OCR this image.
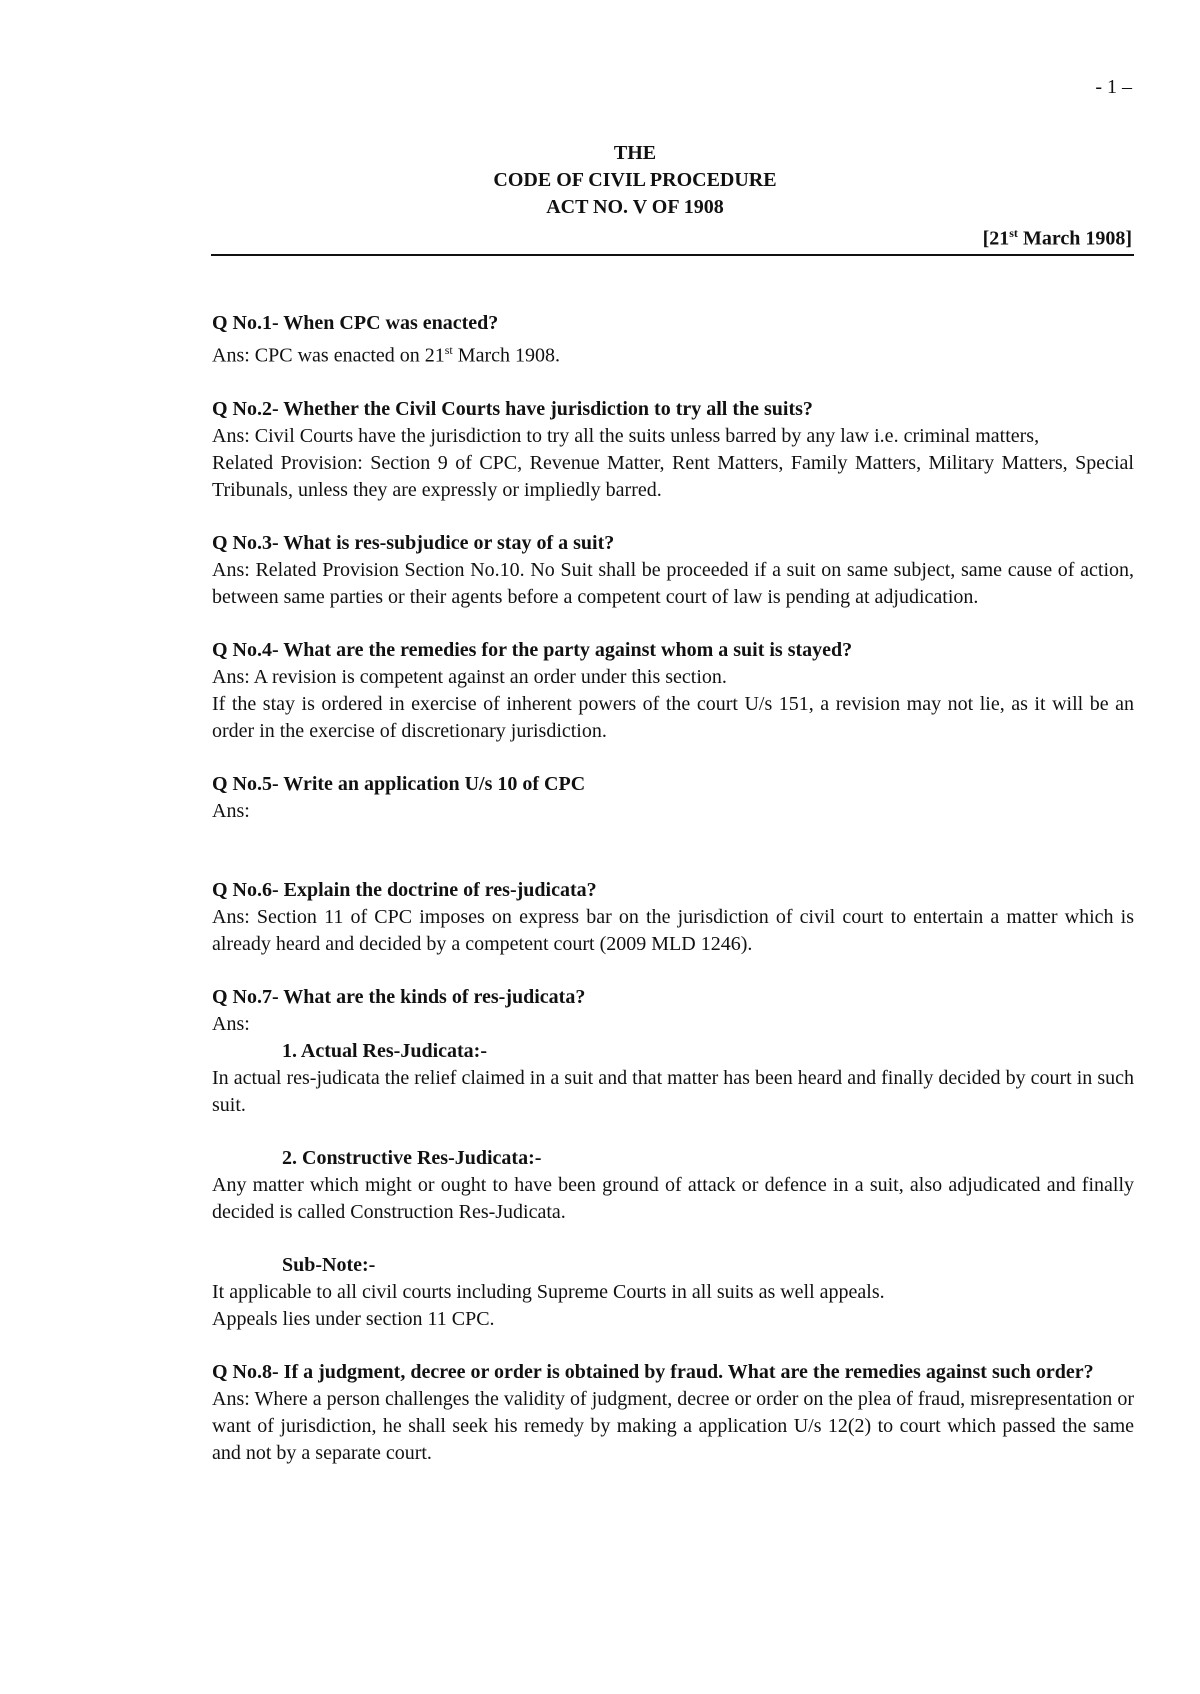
- 1 –
THE
CODE OF CIVIL PROCEDURE
ACT NO. V OF 1908
[21st March 1908]

Q No.1- When CPC was enacted?

Ans: CPC was enacted on 21st March 1908.

Q No.2- Whether the Civil Courts have jurisdiction to try all the suits?

Ans: Civil Courts have the jurisdiction to try all the suits unless barred by any law i.e. criminal matters,

Related Provision: Section 9 of CPC, Revenue Matter, Rent Matters, Family Matters, Military Matters, Special Tribunals, unless they are expressly or impliedly barred.

Q No.3- What is res-subjudice or stay of a suit?

Ans: Related Provision Section No.10. No Suit shall be proceeded if a suit on same subject, same cause of action, between same parties or their agents before a competent court of law is pending at adjudication.

Q No.4- What are the remedies for the party against whom a suit is stayed?

Ans: A revision is competent against an order under this section.

If the stay is ordered in exercise of inherent powers of the court U/s 151, a revision may not lie, as it will be an order in the exercise of discretionary jurisdiction.

Q No.5- Write an application U/s 10 of CPC

Ans:

Q No.6- Explain the doctrine of res-judicata?

Ans: Section 11 of CPC imposes on express bar on the jurisdiction of civil court to entertain a matter which is already heard and decided by a competent court (2009 MLD 1246).

Q No.7- What are the kinds of res-judicata?

Ans:

1. Actual Res-Judicata:-

In actual res-judicata the relief claimed in a suit and that matter has been heard and finally decided by court in such suit.

2. Constructive Res-Judicata:-

Any matter which might or ought to have been ground of attack or defence in a suit, also adjudicated and finally decided is called Construction Res-Judicata.

Sub-Note:-

It applicable to all civil courts including Supreme Courts in all suits as well appeals.

Appeals lies under section 11 CPC.

Q No.8- If a judgment, decree or order is obtained by fraud. What are the remedies against such order?

Ans: Where a person challenges the validity of judgment, decree or order on the plea of fraud, misrepresentation or want of jurisdiction, he shall seek his remedy by making a application U/s 12(2) to court which passed the same and not by a separate court.
